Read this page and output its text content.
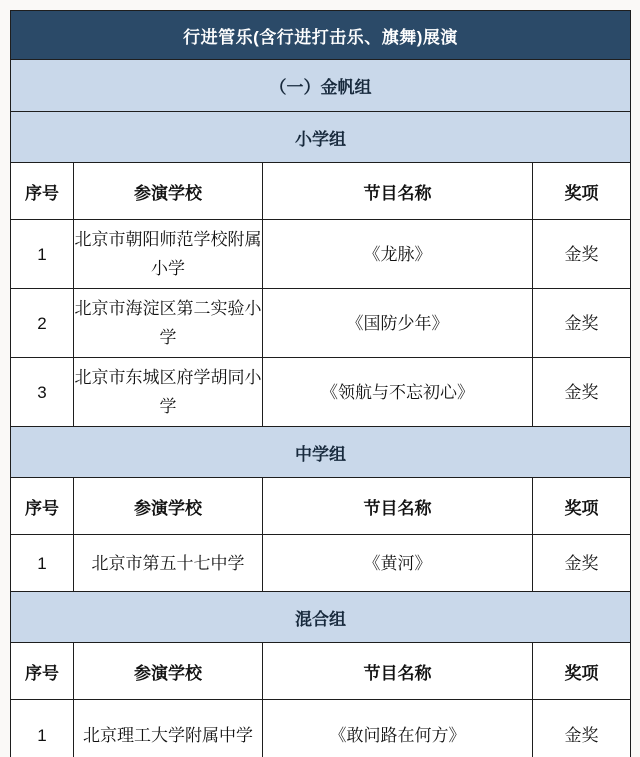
行进管乐(含行进打击乐、旗舞)展演			
（一）金帆组			
小学组			
序号	参演学校	节目名称	奖项
1	北京市朝阳师范学校附属小学	《龙脉》	金奖
2	北京市海淀区第二实验小学	《国防少年》	金奖
3	北京市东城区府学胡同小学	《领航与不忘初心》	金奖
中学组			
序号	参演学校	节目名称	奖项
1	北京市第五十七中学	《黄河》	金奖
混合组			
序号	参演学校	节目名称	奖项
1	北京理工大学附属中学	《敢问路在何方》	金奖
